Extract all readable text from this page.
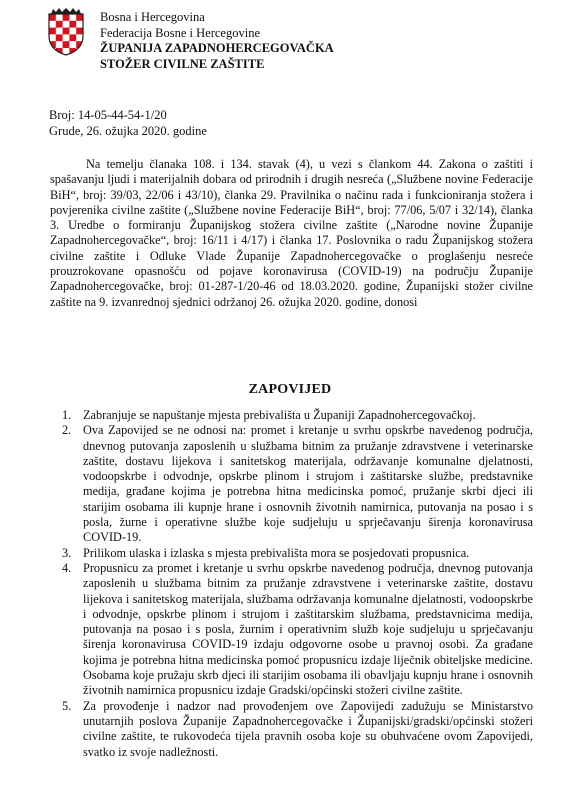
Bosna i Hercegovina
Federacija Bosne i Hercegovine
ŽUPANIJA ZAPADNOHERCEGOVAČKA
STOŽER CIVILNE ZAŠTITE
Broj: 14-05-44-54-1/20
Grude, 26. ožujka 2020. godine

Na temelju članaka 108. i 134. stavak (4), u vezi s člankom 44. Zakona o zaštiti i spašavanju ljudi i materijalnih dobara od prirodnih i drugih nesreća („Službene novine Federacije BiH“, broj: 39/03, 22/06 i 43/10), članka 29. Pravilnika o načinu rada i funkcioniranja stožera i povjerenika civilne zaštite („Službene novine Federacije BiH“, broj: 77/06, 5/07 i 32/14), članka 3. Uredbe o formiranju Županijskog stožera civilne zaštite („Narodne novine Županije Zapadnohercegovačke“, broj: 16/11 i 4/17) i članka 17. Poslovnika o radu Županijskog stožera civilne zaštite i Odluke Vlade Županije Zapadnohercegovačke o proglašenju nesreće prouzrokovane opasnošću od pojave koronavirusa (COVID-19) na području Županije Zapadnohercegovačke, broj: 01-287-1/20-46 od 18.03.2020. godine, Županijski stožer civilne zaštite na 9. izvanrednoj sjednici održanoj 26. ožujka 2020. godine, donosi

ZAPOVIJED

1. Zabranjuje se napuštanje mjesta prebivališta u Županiji Zapadnohercegovačkoj.

2. Ova Zapovijed se ne odnosi na: promet i kretanje u svrhu opskrbe navedenog područja, dnevnog putovanja zaposlenih u službama bitnim za pružanje zdravstvene i veterinarske zaštite, dostavu lijekova i sanitetskog materijala, održavanje komunalne djelatnosti, vodoopskrbe i odvodnje, opskrbe plinom i strujom i zaštitarske službe, predstavnike medija, građane kojima je potrebna hitna medicinska pomoć, pružanje skrbi djeci ili starijim osobama ili kupnje hrane i osnovnih životnih namirnica, putovanja na posao i s posla, žurne i operativne službe koje sudjeluju u sprječavanju širenja koronavirusa COVID-19.

3. Prilikom ulaska i izlaska s mjesta prebivališta mora se posjedovati propusnica.

4. Propusnicu za promet i kretanje u svrhu opskrbe navedenog područja, dnevnog putovanja zaposlenih u službama bitnim za pružanje zdravstvene i veterinarske zaštite, dostavu lijekova i sanitetskog materijala, službama održavanja komunalne djelatnosti, vodoopskrbe i odvodnje, opskrbe plinom i strujom i zaštitarskim službama, predstavnicima medija, putovanja na posao i s posla, žurnim i operativnim služb koje sudjeluju u sprječavanju širenja koronavirusa COVID-19 izdaju odgovorne osobe u pravnoj osobi. Za građane kojima je potrebna hitna medicinska pomoć propusnicu izdaje liječnik obiteljske medicine. Osobama koje pružaju skrb djeci ili starijim osobama ili obavljaju kupnju hrane i osnovnih životnih namirnica propusnicu izdaje Gradski/općinski stožeri civilne zaštite.

5. Za provođenje i nadzor nad provođenjem ove Zapovijedi zadužuju se Ministarstvo unutarnjih poslova Županije Zapadnohercegovačke i Županijski/gradski/općinski stožeri civilne zaštite, te rukovodeća tijela pravnih osoba koje su obuhvaćene ovom Zapovijedi, svatko iz svoje nadležnosti.
